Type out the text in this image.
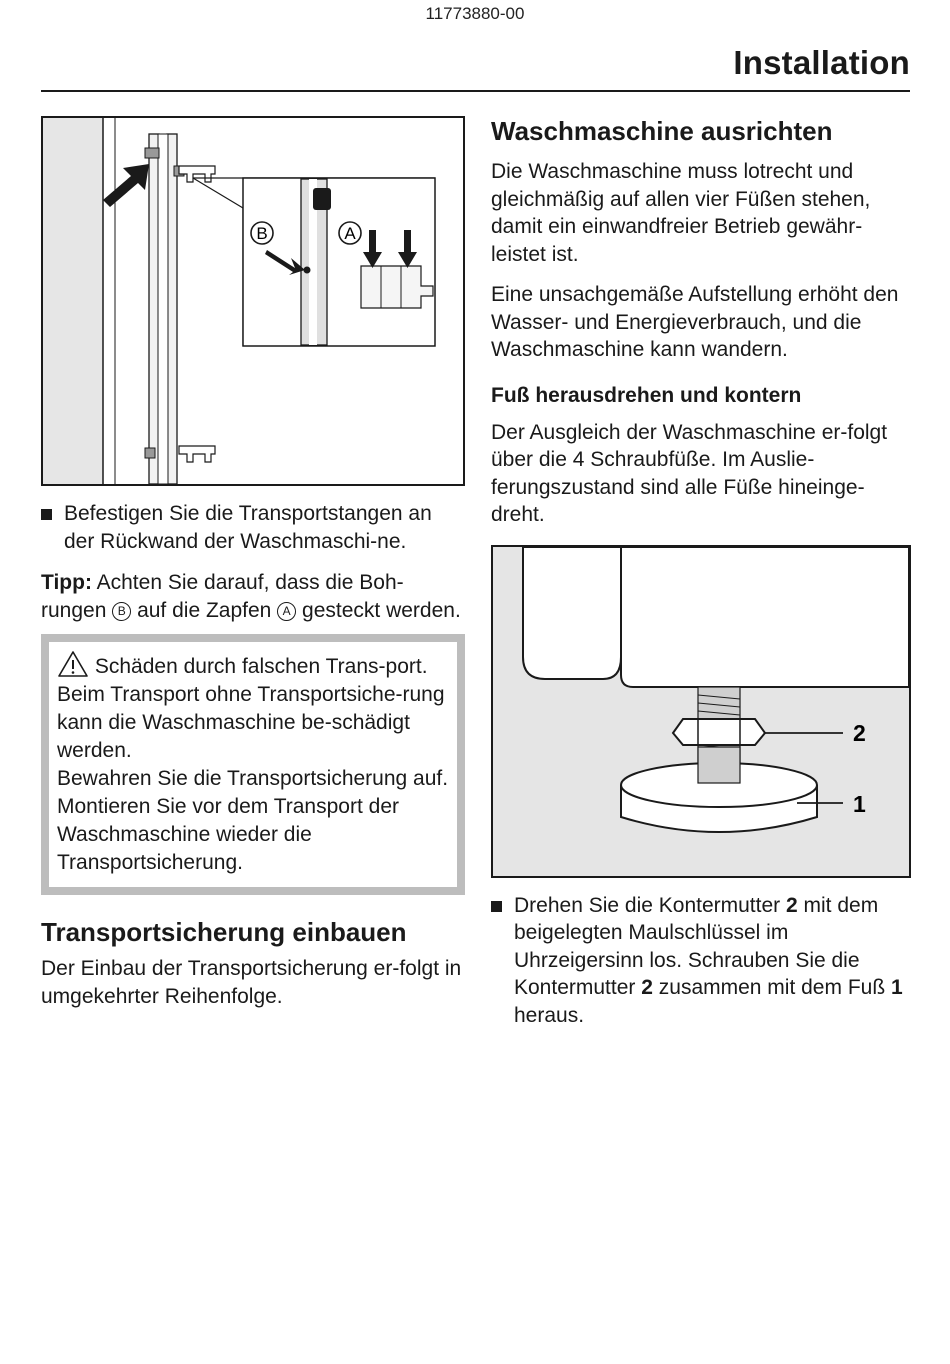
11773880-00
Installation
B	A

Befestigen Sie die Transportstangen an der Rückwand der Waschmaschi-ne.

Tipp: Achten Sie darauf, dass die Boh-rungen B auf die Zapfen A gesteckt werden.

Schäden durch falschen Trans-port.

Beim Transport ohne Transportsiche-rung kann die Waschmaschine be-schädigt werden.

Bewahren Sie die Transportsicherung auf. Montieren Sie vor dem Transport der Waschmaschine wieder die Transportsicherung.

Transportsicherung einbauen

Der Einbau der Transportsicherung er-folgt in umgekehrter Reihenfolge.

Waschmaschine ausrichten

Die Waschmaschine muss lotrecht und gleichmäßig auf allen vier Füßen stehen, damit ein einwandfreier Betrieb gewähr-leistet ist.

Eine unsachgemäße Aufstellung erhöht den Wasser- und Energieverbrauch, und die Waschmaschine kann wandern.

Fuß herausdrehen und kontern

Der Ausgleich der Waschmaschine er-folgt über die 4 Schraubfüße. Im Auslie-ferungszustand sind alle Füße hineinge-dreht.

2
1

Drehen Sie die Kontermutter 2 mit dem beigelegten Maulschlüssel im Uhrzeigersinn los. Schrauben Sie die Kontermutter 2 zusammen mit dem Fuß 1 heraus.
